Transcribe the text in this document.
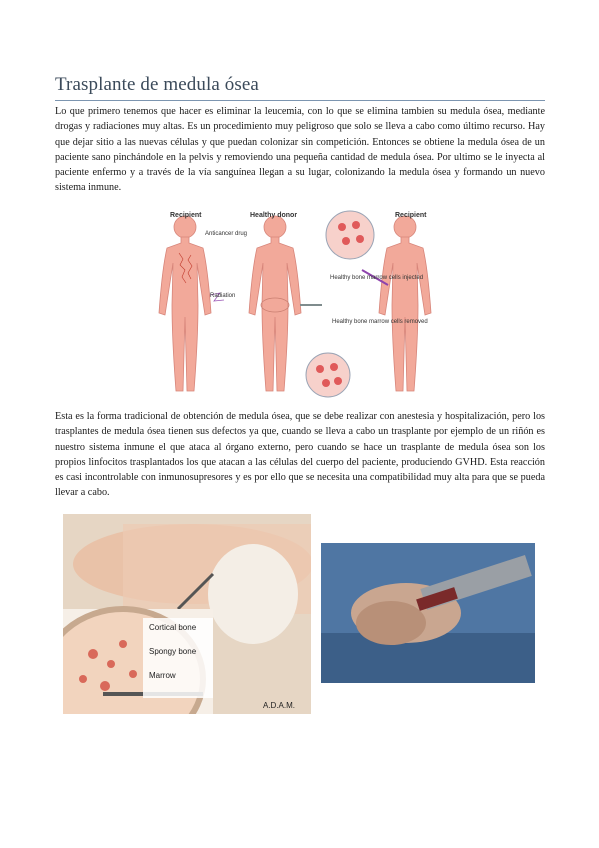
Trasplante de medula ósea

Lo que primero tenemos que hacer es eliminar la leucemia, con lo que se elimina tambien su medula ósea, mediante drogas y radiaciones muy altas. Es un procedimiento muy peligroso que solo se lleva a cabo como último recurso. Hay que dejar sitio a las nuevas células y que puedan colonizar sin competición. Entonces se obtiene la medula ósea de un paciente sano pinchándole en la pelvis y removiendo una pequeña cantidad de medula ósea. Por ultimo se le inyecta al paciente enfermo y a través de la vía sanguínea llegan a su lugar, colonizando la medula ósea y formando un nuevo sistema inmune.

Recipient	Healthy donor	Recipient
Anticancer drug
Radiation
Healthy bone marrow cells injected
Healthy bone marrow cells removed

Esta es la forma tradicional de obtención de medula ósea, que se debe realizar con anestesia y hospitalización, pero los trasplantes de medula ósea tienen sus defectos ya que, cuando se lleva a cabo un trasplante por ejemplo de un riñón es nuestro sistema inmune el que ataca al órgano externo, pero cuando se hace un trasplante de medula ósea son los propios linfocitos trasplantados los que atacan a las células del cuerpo del paciente, produciendo GVHD. Esta reacción es casi incontrolable con inmunosupresores y es por ello que se necesita una compatibilidad muy alta para que se pueda llevar a cabo.

Cortical bone
Spongy bone
Marrow
A.D.A.M.
